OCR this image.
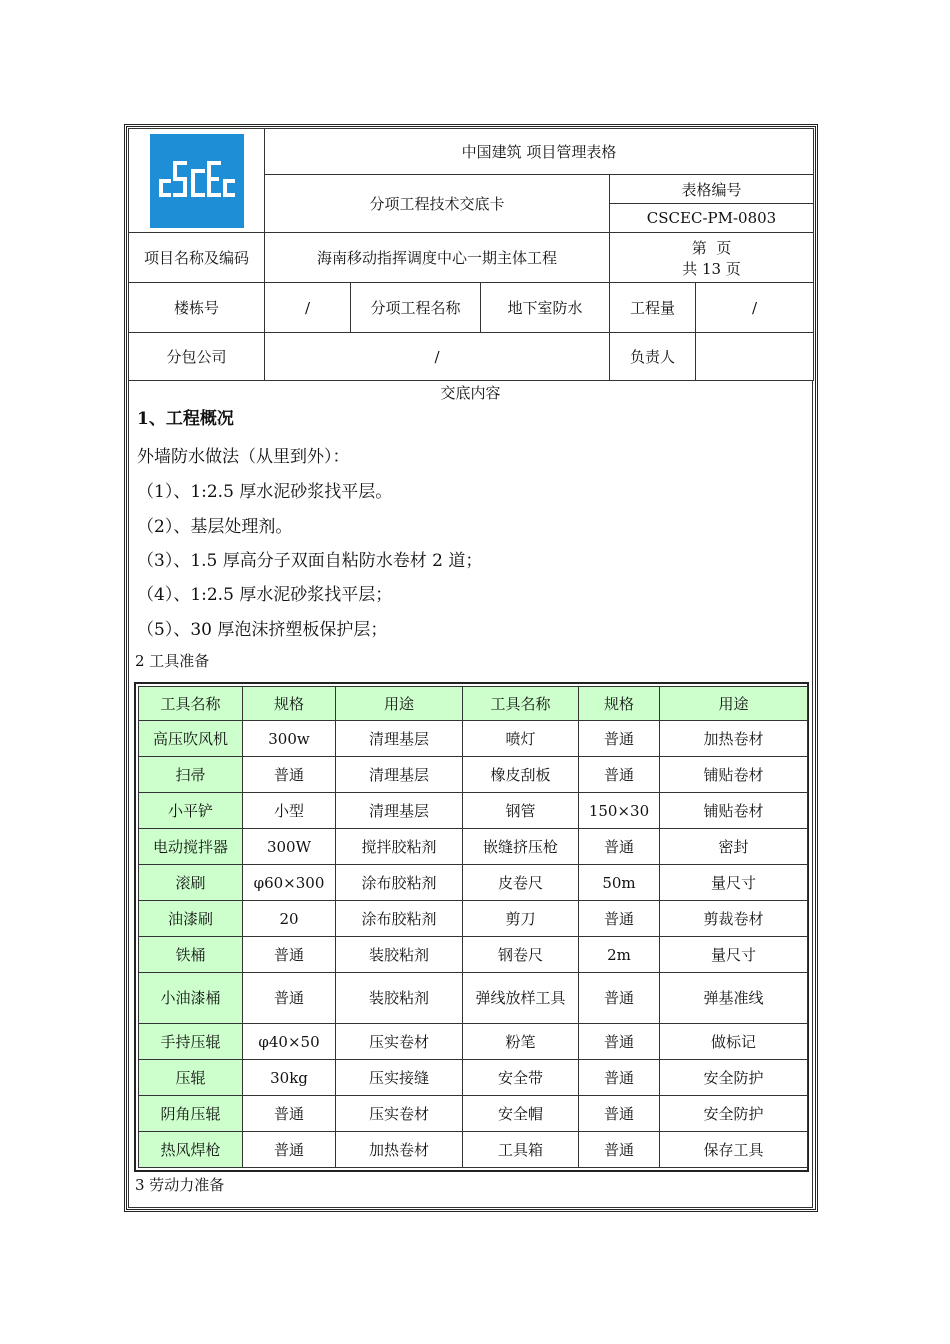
	中国建筑 项目管理表格				
	分项工程技术交底卡			表格编号	
				CSCEC-PM-0803	
项目名称及编码	海南移动指挥调度中心一期主体工程			第  页
共 13 页	

楼栋号	/	分项工程名称	地下室防水	工程量	/
分包公司	/			负责人	
交底内容
1、工程概况
外墙防水做法（从里到外）：
（1）、1:2.5 厚水泥砂浆找平层。
（2）、基层处理剂。
（3）、1.5 厚高分子双面自粘防水卷材 2 道；
（4）、1:2.5 厚水泥砂浆找平层；
（5）、30 厚泡沫挤塑板保护层；
2 工具准备
工具名称	规格	用途	工具名称	规格	用途
高压吹风机	300w	清理基层	喷灯	普通	加热卷材
扫帚	普通	清理基层	橡皮刮板	普通	铺贴卷材
小平铲	小型	清理基层	钢管	150×30	铺贴卷材
电动搅拌器	300W	搅拌胶粘剂	嵌缝挤压枪	普通	密封
滚刷	φ60×300	涂布胶粘剂	皮卷尺	50m	量尺寸
油漆刷	20	涂布胶粘剂	剪刀	普通	剪裁卷材
铁桶	普通	装胶粘剂	钢卷尺	2m	量尺寸
小油漆桶	普通	装胶粘剂	弹线放样工具	普通	弹基准线
手持压辊	φ40×50	压实卷材	粉笔	普通	做标记
压辊	30kg	压实接缝	安全带	普通	安全防护
阴角压辊	普通	压实卷材	安全帽	普通	安全防护
热风焊枪	普通	加热卷材	工具箱	普通	保存工具
3 劳动力准备
